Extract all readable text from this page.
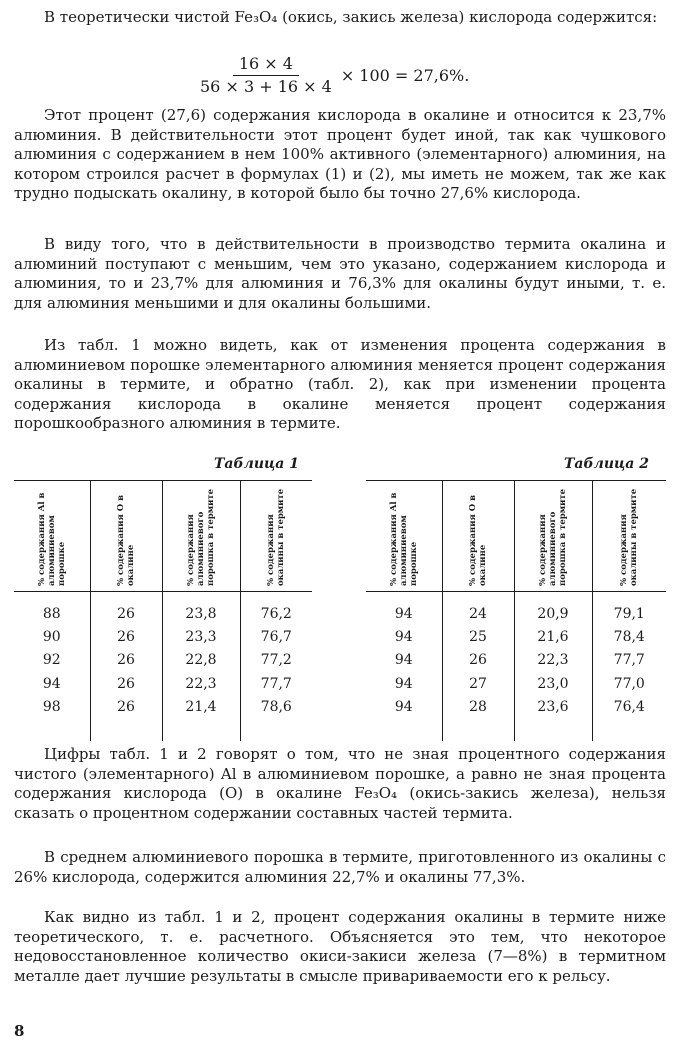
В теоретически чистой Fe₃O₄ (окись, закись железа) кислорода содержится:

$\frac{16 \times 4}{56 \times 3 + 16 \times 4} \times 100 = 27,6\%$.

Этот процент (27,6) содержания кислорода в окалине и относится к 23,7% алюминия. В действительности этот процент будет иной, так как чушкового алюминия с содержанием в нем 100% активного (элементарного) алюминия, на котором строился расчет в формулах (1) и (2), мы иметь не можем, так же как трудно подыскать окалину, в которой было бы точно 27,6% кислорода.

В виду того, что в действительности в производство термита окалина и алюминий поступают с меньшим, чем это указано, содержанием кислорода и алюминия, то и 23,7% для алюминия и 76,3% для окалины будут иными, т. е. для алюминия меньшими и для окалины большими.

Из табл. 1 можно видеть, как от изменения процента содержания в алюминиевом порошке элементарного алюминия меняется процент содержания окалины в термите, и обратно (табл. 2), как при изменении процента содержания кислорода в окалине меняется процент содержания порошкообразного алюминия в термите.

Таблица 1

% содержания Al в алюминиевом порошке	% содержания O в окалине	% содержания алюминиевого порошка в термите	% содержания окалины в термите

88	26	23,8	76,2
90	26	23,3	76,7
92	26	22,8	77,2
94	26	22,3	77,7
98	26	21,4	78,6

Таблица 2

% содержания Al в алюминиевом порошке	% содержания O в окалине	% содержания алюминиевого порошка в термите	% содержания окалины в термите

94	24	20,9	79,1
94	25	21,6	78,4
94	26	22,3	77,7
94	27	23,0	77,0
94	28	23,6	76,4

Цифры табл. 1 и 2 говорят о том, что не зная процентного содержания чистого (элементарного) Al в алюминиевом порошке, а равно не зная процента содержания кислорода (O) в окалине Fe₃O₄ (окись-закись железа), нельзя сказать о процентном содержании составных частей термита.

В среднем алюминиевого порошка в термите, приготовленного из окалины с 26% кислорода, содержится алюминия 22,7% и окалины 77,3%.

Как видно из табл. 1 и 2, процент содержания окалины в термите ниже теоретического, т. е. расчетного. Объясняется это тем, что некоторое недовосстановленное количество окиси-закиси железа (7—8%) в термитном металле дает лучшие результаты в смысле привариваемости его к рельсу.

8
